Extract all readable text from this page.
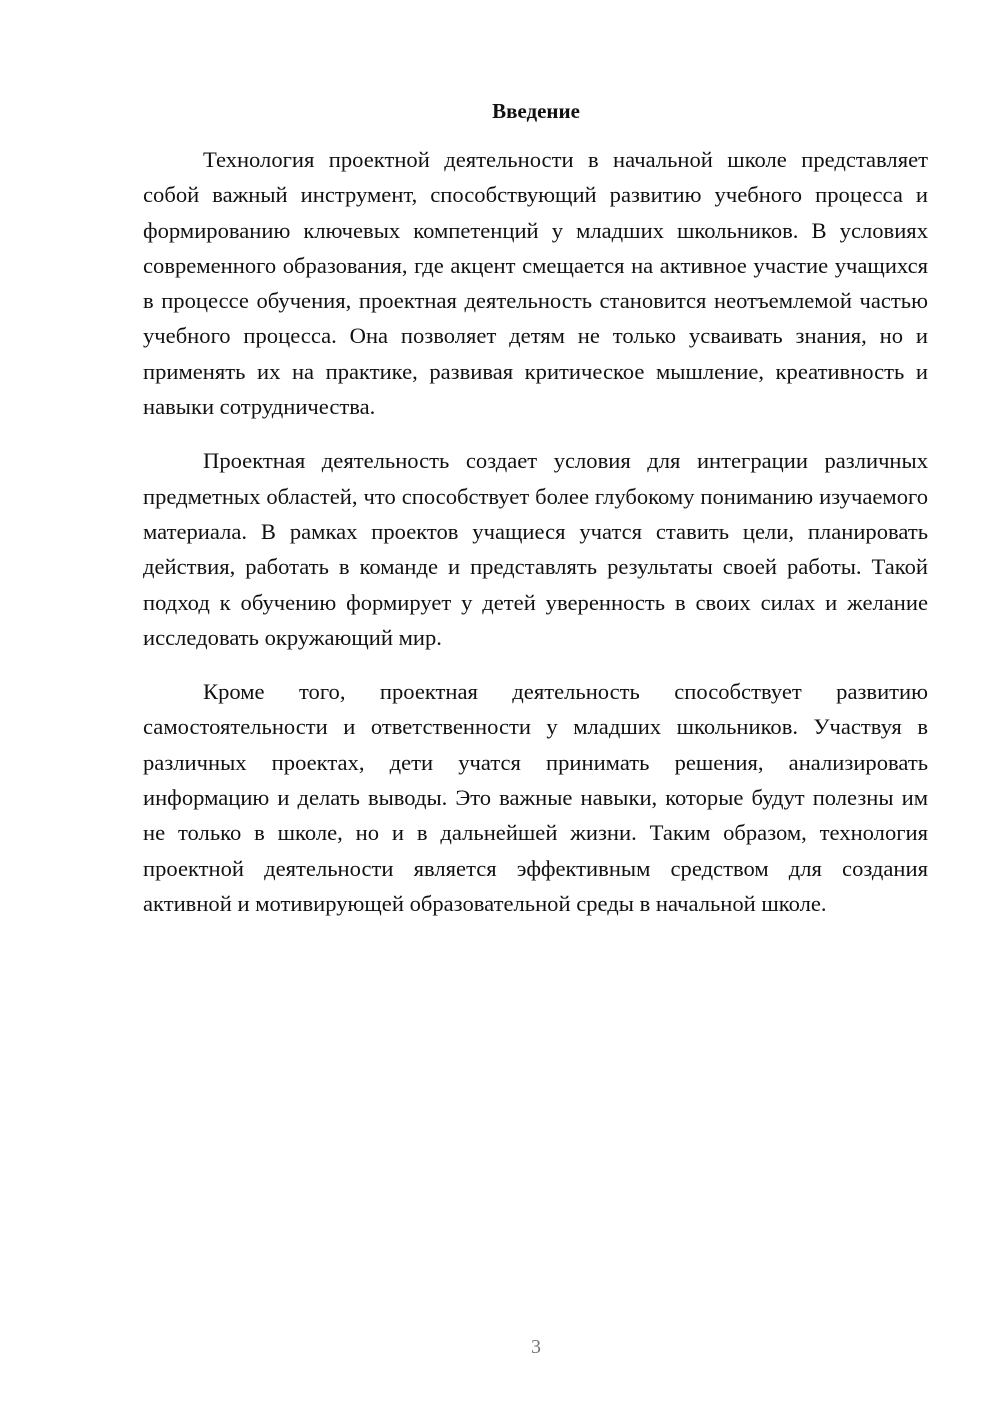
Введение

Технология проектной деятельности в начальной школе представляет собой важный инструмент, способствующий развитию учебного процесса и формированию ключевых компетенций у младших школьников. В условиях современного образования, где акцент смещается на активное участие учащихся в процессе обучения, проектная деятельность становится неотъемлемой частью учебного процесса. Она позволяет детям не только усваивать знания, но и применять их на практике, развивая критическое мышление, креативность и навыки сотрудничества.

Проектная деятельность создает условия для интеграции различных предметных областей, что способствует более глубокому пониманию изучаемого материала. В рамках проектов учащиеся учатся ставить цели, планировать действия, работать в команде и представлять результаты своей работы. Такой подход к обучению формирует у детей уверенность в своих силах и желание исследовать окружающий мир.

Кроме того, проектная деятельность способствует развитию самостоятельности и ответственности у младших школьников. Участвуя в различных проектах, дети учатся принимать решения, анализировать информацию и делать выводы. Это важные навыки, которые будут полезны им не только в школе, но и в дальнейшей жизни. Таким образом, технология проектной деятельности является эффективным средством для создания активной и мотивирующей образовательной среды в начальной школе.

3
